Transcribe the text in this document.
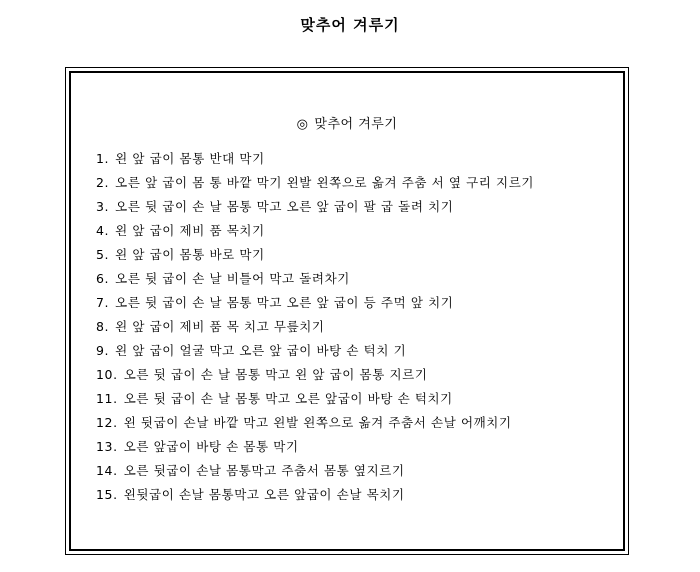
맞추어 겨루기
◎ 맞추어 겨루기
1. 왼 앞 굽이 몸통 반대 막기
2. 오른 앞 굽이 몸 통 바깥 막기 왼발 왼쪽으로 옮겨 주춤 서 옆 구리 지르기
3. 오른 뒷 굽이 손 날 몸통 막고 오른 앞 굽이 팔 굽 돌려 치기
4. 왼 앞 굽이 제비 품 목치기
5. 왼 앞 굽이 몸통 바로 막기
6. 오른 뒷 굽이 손 날 비틀어 막고 돌려차기
7. 오른 뒷 굽이 손 날 몸통 막고 오른 앞 굽이 등 주먹 앞 치기
8. 왼 앞 굽이 제비 품 목 치고 무릎치기
9. 왼 앞 굽이 얼굴 막고 오른 앞 굽이 바탕 손 턱치 기
10. 오른 뒷 굽이 손 날 몸통 막고 왼 앞 굽이 몸통 지르기
11. 오른 뒷 굽이 손 날 몸통 막고 오른 앞굽이 바탕 손 턱치기
12. 왼 뒷굽이 손날 바깥 막고 왼발 왼쪽으로 옮겨 주춤서 손날 어깨치기
13. 오른 앞굽이 바탕 손 몸통 막기
14. 오른 뒷굽이 손날 몸통막고 주춤서 몸통 옆지르기
15. 왼뒷굽이 손날 몸통막고 오른 앞굽이 손날 목치기
